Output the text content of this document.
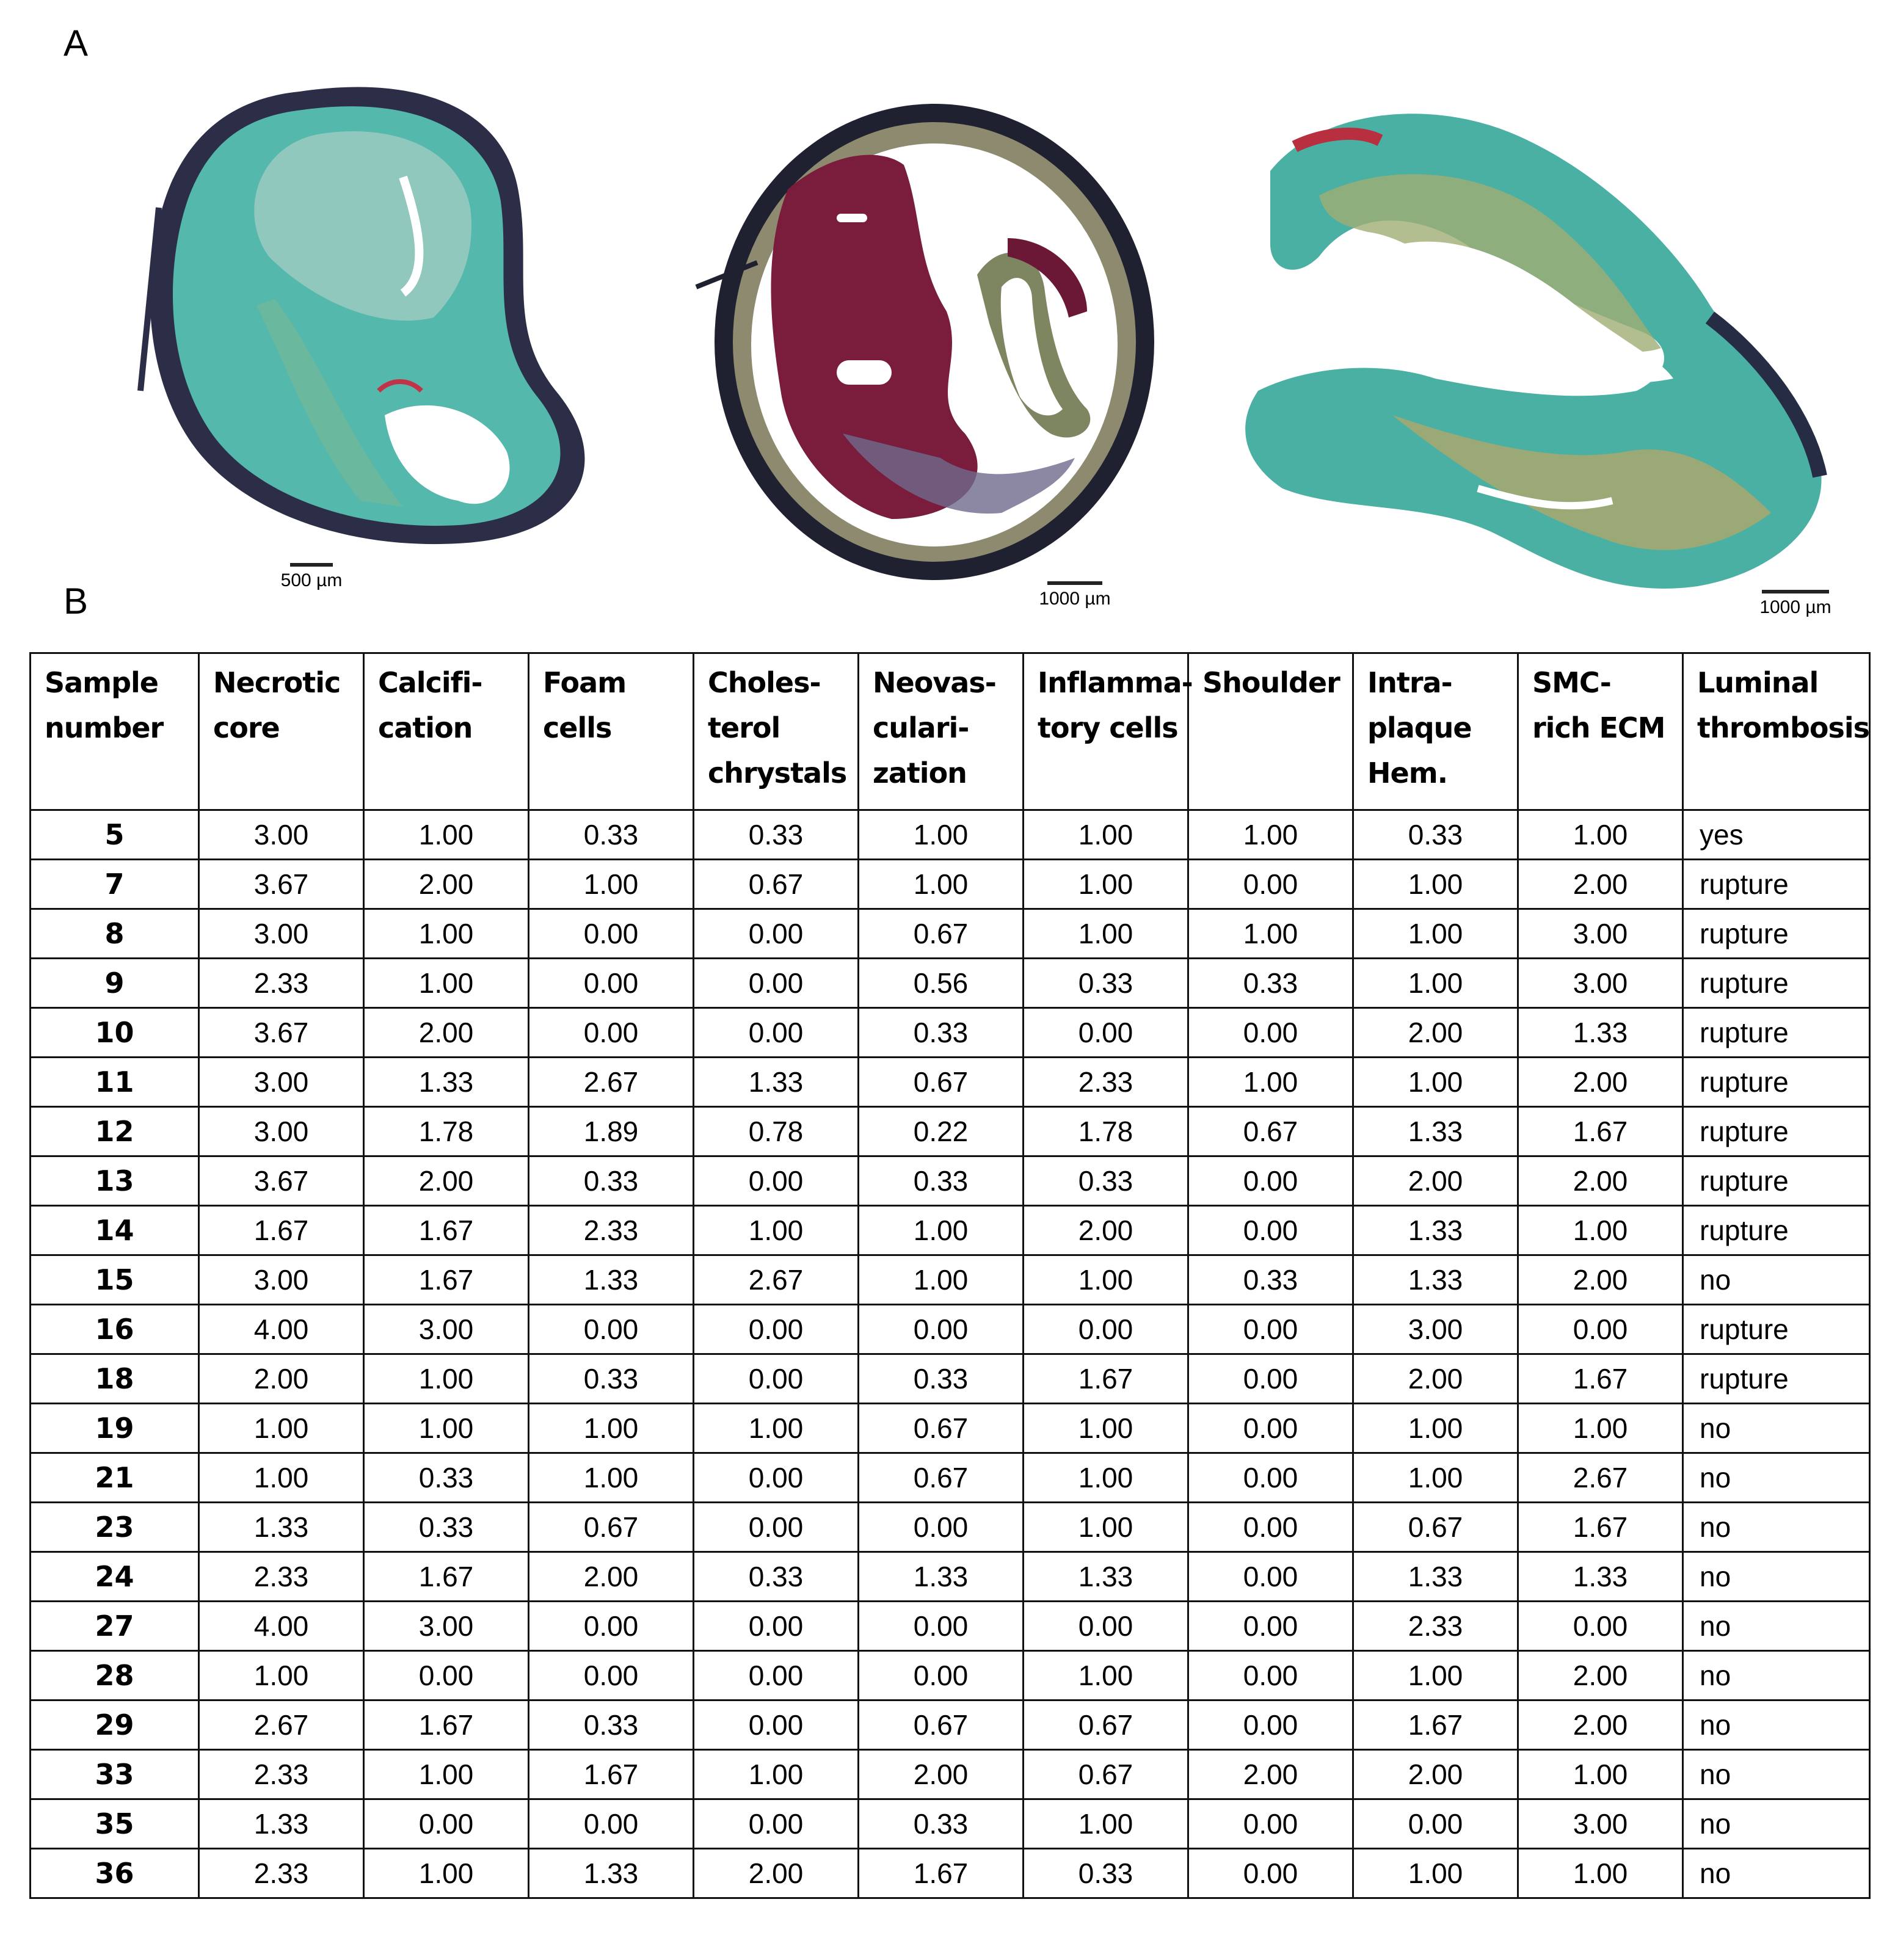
A
500 µm
1000 µm	1000 µm
B
Sample number	Necrotic core	Calcifi- cation	Foam cells	Choles- terol chrystals	Neovas- culari- zation	Inflamma- tory cells	Shoulder	Intra- plaque Hem.	SMC- rich ECM	Luminal thrombosis
5	3.00	1.00	0.33	0.33	1.00	1.00	1.00	0.33	1.00	yes
7	3.67	2.00	1.00	0.67	1.00	1.00	0.00	1.00	2.00	rupture
8	3.00	1.00	0.00	0.00	0.67	1.00	1.00	1.00	3.00	rupture
9	2.33	1.00	0.00	0.00	0.56	0.33	0.33	1.00	3.00	rupture
10	3.67	2.00	0.00	0.00	0.33	0.00	0.00	2.00	1.33	rupture
11	3.00	1.33	2.67	1.33	0.67	2.33	1.00	1.00	2.00	rupture
12	3.00	1.78	1.89	0.78	0.22	1.78	0.67	1.33	1.67	rupture
13	3.67	2.00	0.33	0.00	0.33	0.33	0.00	2.00	2.00	rupture
14	1.67	1.67	2.33	1.00	1.00	2.00	0.00	1.33	1.00	rupture
15	3.00	1.67	1.33	2.67	1.00	1.00	0.33	1.33	2.00	no
16	4.00	3.00	0.00	0.00	0.00	0.00	0.00	3.00	0.00	rupture
18	2.00	1.00	0.33	0.00	0.33	1.67	0.00	2.00	1.67	rupture
19	1.00	1.00	1.00	1.00	0.67	1.00	0.00	1.00	1.00	no
21	1.00	0.33	1.00	0.00	0.67	1.00	0.00	1.00	2.67	no
23	1.33	0.33	0.67	0.00	0.00	1.00	0.00	0.67	1.67	no
24	2.33	1.67	2.00	0.33	1.33	1.33	0.00	1.33	1.33	no
27	4.00	3.00	0.00	0.00	0.00	0.00	0.00	2.33	0.00	no
28	1.00	0.00	0.00	0.00	0.00	1.00	0.00	1.00	2.00	no
29	2.67	1.67	0.33	0.00	0.67	0.67	0.00	1.67	2.00	no
33	2.33	1.00	1.67	1.00	2.00	0.67	2.00	2.00	1.00	no
35	1.33	0.00	0.00	0.00	0.33	1.00	0.00	0.00	3.00	no
36	2.33	1.00	1.33	2.00	1.67	0.33	0.00	1.00	1.00	no
